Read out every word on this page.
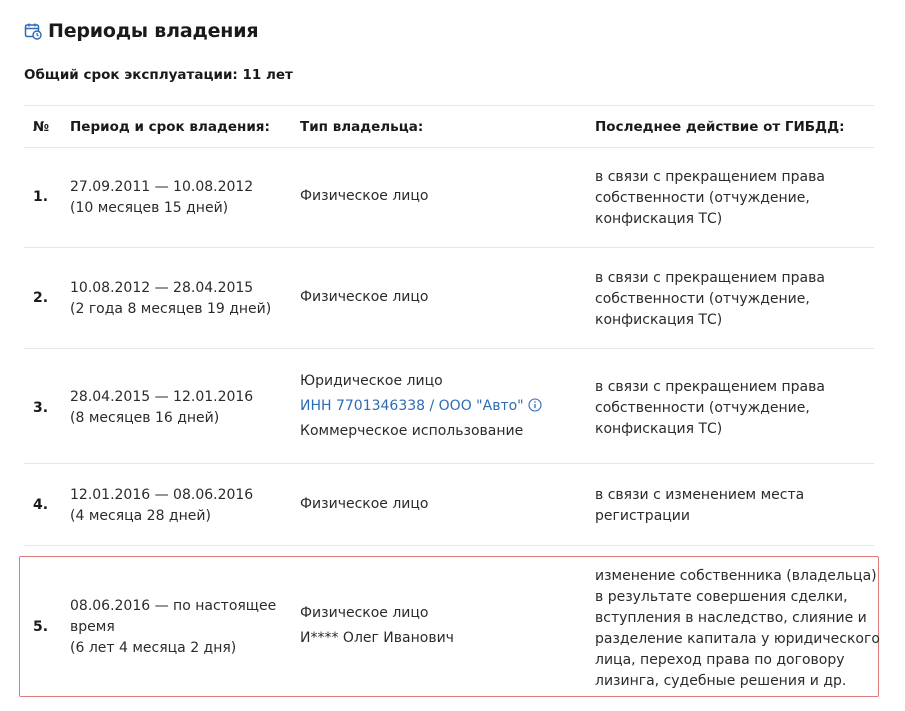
Периоды владения
Общий срок эксплуатации: 11 лет
№ Период и срок владения: Тип владельца:	Последнее действие от ГИБДД:
1.
27.09.2011 — 10.08.2012
(10 месяцев 15 дней)
Физическое лицо
в связи с прекращением права
собственности (отчуждение,
конфискация ТС)
2.
10.08.2012 — 28.04.2015
(2 года 8 месяцев 19 дней)
Физическое лицо
в связи с прекращением права
собственности (отчуждение,
конфискация ТС)
3.
28.04.2015 — 12.01.2016
(8 месяцев 16 дней)
Юридическое лицо
ИНН 7701346338 / ООО "Авто"
Коммерческое использование
в связи с прекращением права
собственности (отчуждение,
конфискация ТС)
4.
12.01.2016 — 08.06.2016
(4 месяца 28 дней)
Физическое лицо
в связи с изменением места
регистрации
5.
08.06.2016 — по настоящее
время
(6 лет 4 месяца 2 дня)
Физическое лицо
И**** Олег Иванович
изменение собственника (владельца)
в результате совершения сделки,
вступления в наследство, слияние и
разделение капитала у юридического
лица, переход права по договору
лизинга, судебные решения и др.
